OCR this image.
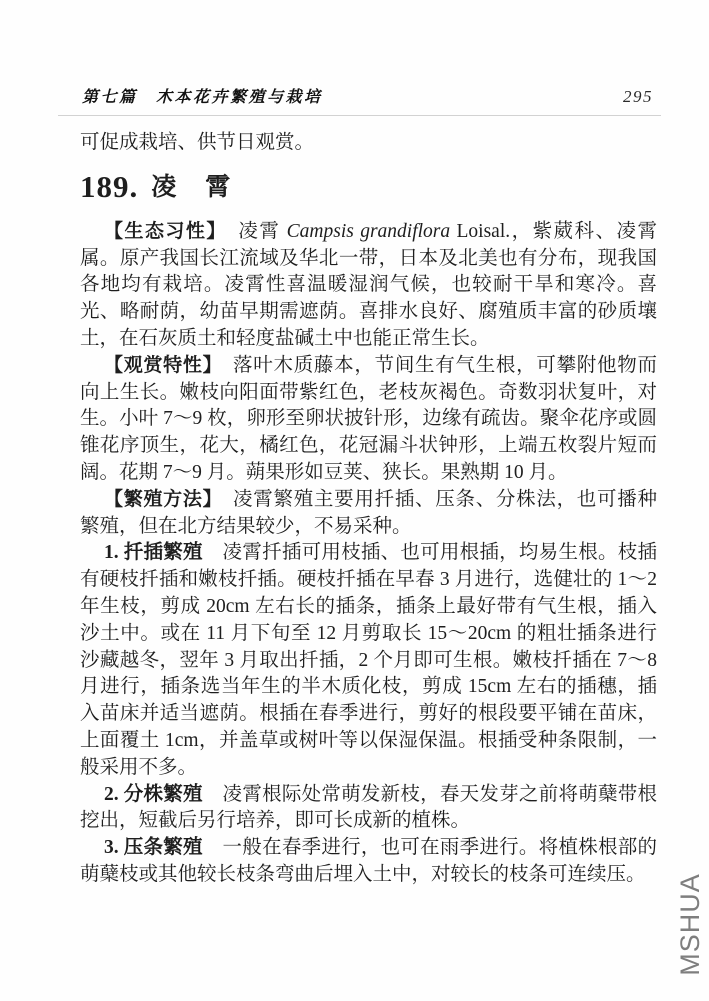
第七篇　木本花卉繁殖与栽培	295

可促成栽培、供节日观赏。

189. 凌　霄

【生态习性】　凌霄 Campsis grandiflora Loisal.，紫葳科、凌霄属。原产我国长江流域及华北一带，日本及北美也有分布，现我国各地均有栽培。凌霄性喜温暖湿润气候，也较耐干旱和寒冷。喜光、略耐荫，幼苗早期需遮荫。喜排水良好、腐殖质丰富的砂质壤土，在石灰质土和轻度盐碱土中也能正常生长。

【观赏特性】　落叶木质藤本，节间生有气生根，可攀附他物而向上生长。嫩枝向阳面带紫红色，老枝灰褐色。奇数羽状复叶，对生。小叶 7～9 枚，卵形至卵状披针形，边缘有疏齿。聚伞花序或圆锥花序顶生，花大，橘红色，花冠漏斗状钟形，上端五枚裂片短而阔。花期 7～9 月。蒴果形如豆荚、狭长。果熟期 10 月。

【繁殖方法】　凌霄繁殖主要用扦插、压条、分株法，也可播种繁殖，但在北方结果较少，不易采种。

1. 扦插繁殖　凌霄扦插可用枝插、也可用根插，均易生根。枝插有硬枝扦插和嫩枝扦插。硬枝扦插在早春 3 月进行，选健壮的 1～2 年生枝，剪成 20cm 左右长的插条，插条上最好带有气生根，插入沙土中。或在 11 月下旬至 12 月剪取长 15～20cm 的粗壮插条进行沙藏越冬，翌年 3 月取出扦插，2 个月即可生根。嫩枝扦插在 7～8 月进行，插条选当年生的半木质化枝，剪成 15cm 左右的插穗，插入苗床并适当遮荫。根插在春季进行，剪好的根段要平铺在苗床，上面覆土 1cm，并盖草或树叶等以保湿保温。根插受种条限制，一般采用不多。

2. 分株繁殖　凌霄根际处常萌发新枝，春天发芽之前将萌蘖带根挖出，短截后另行培养，即可长成新的植株。

3. 压条繁殖　一般在春季进行，也可在雨季进行。将植株根部的萌蘖枝或其他较长枝条弯曲后埋入土中，对较长的枝条可连续压。	MSHUA
